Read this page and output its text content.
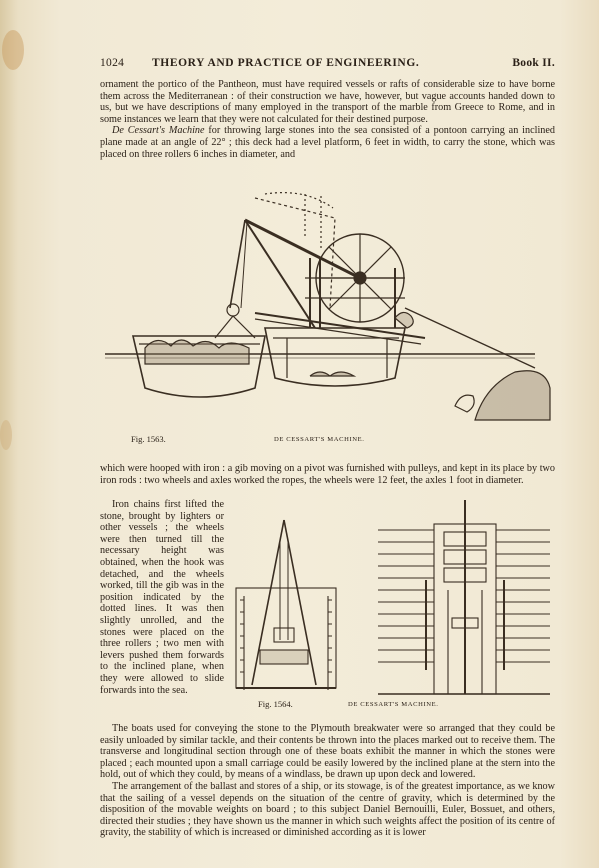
1024 THEORY AND PRACTICE OF ENGINEERING.	Book II.

ornament the portico of the Pantheon, must have required vessels or rafts of considerable size to have borne them across the Mediterranean : of their construction we have, however, but vague accounts handed down to us, but we have descriptions of many employed in the transport of the marble from Greece to Rome, and in some instances we learn that they were not calculated for their destined purpose.

De Cessart's Machine for throwing large stones into the sea consisted of a pontoon carrying an inclined plane made at an angle of 22° ; this deck had a level platform, 6 feet in width, to carry the stone, which was placed on three rollers 6 inches in diameter, and

Fig. 1563.	DE CESSART'S MACHINE.

which were hooped with iron : a gib moving on a pivot was furnished with pulleys, and kept in its place by two iron rods : two wheels and axles worked the ropes, the wheels were 12 feet, the axles 1 foot in diameter.

Iron chains first lifted the stone, brought by lighters or other vessels ; the wheels were then turned till the necessary height was obtained, when the hook was detached, and the wheels worked, till the gib was in the position indicated by the dotted lines. It was then slightly unrolled, and the stones were placed on the three rollers ; two men with levers pushed them forwards to the inclined plane, when they were allowed to slide forwards into the sea.

Fig. 1564.	DE CESSART'S MACHINE.

The boats used for conveying the stone to the Plymouth breakwater were so arranged that they could be easily unloaded by similar tackle, and their contents be thrown into the places marked out to receive them. The transverse and longitudinal section through one of these boats exhibit the manner in which the stones were placed ; each mounted upon a small carriage could be easily lowered by the inclined plane at the stern into the hold, out of which they could, by means of a windlass, be drawn up upon deck and lowered.

The arrangement of the ballast and stores of a ship, or its stowage, is of the greatest importance, as we know that the sailing of a vessel depends on the situation of the centre of gravity, which is determined by the disposition of the movable weights on board ; to this subject Daniel Bernouilli, Euler, Bossuet, and others, directed their studies ; they have shown us the manner in which such weights affect the position of its centre of gravity, the stability of which is increased or diminished according as it is lower
